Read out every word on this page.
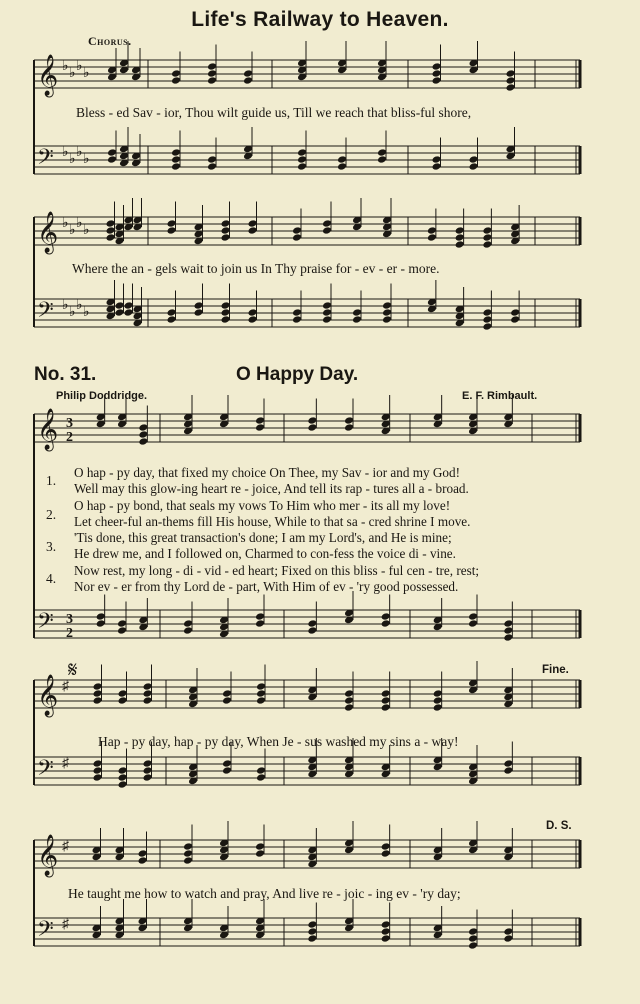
𝄞 ♭ ♭ ♭ ♭
𝄢 ♭ ♭ ♭ ♭
𝄞 ♭ ♭ ♭ ♭
𝄢 ♭ ♭ ♭ ♭
𝄞 3
2
𝄢 3
2
𝄞 ♯
𝄢 ♯
𝄞 ♯
𝄢 ♯
Life's Railway to Heaven.
Chorus.
Bless - ed Sav - ior, Thou wilt guide us, Till we reach that bliss-ful shore,
Where the an - gels wait to join us In Thy praise for - ev - er - more.
No. 31.	O Happy Day.
Philip Doddridge.	E. F. Rimbault.
1.
2.
3.
4.
O hap - py day, that fixed my choice On Thee, my Sav - ior and my God!
Well may this glow-ing heart re - joice, And tell its rap - tures all a - broad.
O hap - py bond, that seals my vows To Him who mer - its all my love!
Let cheer-ful an-thems fill His house, While to that sa - cred shrine I move.
'Tis done, this great transaction's done; I am my Lord's, and He is mine;
He drew me, and I followed on, Charmed to con-fess the voice di - vine.
Now rest, my long - di - vid - ed heart; Fixed on this bliss - ful cen - tre, rest;
Nor ev - er from thy Lord de - part, With Him of ev - 'ry good possessed.
𝄋	Fine.
Hap - py day, hap - py day, When Je - sus washed my sins a - way!
D. S.
He taught me how to watch and pray, And live re - joic - ing ev - 'ry day;
